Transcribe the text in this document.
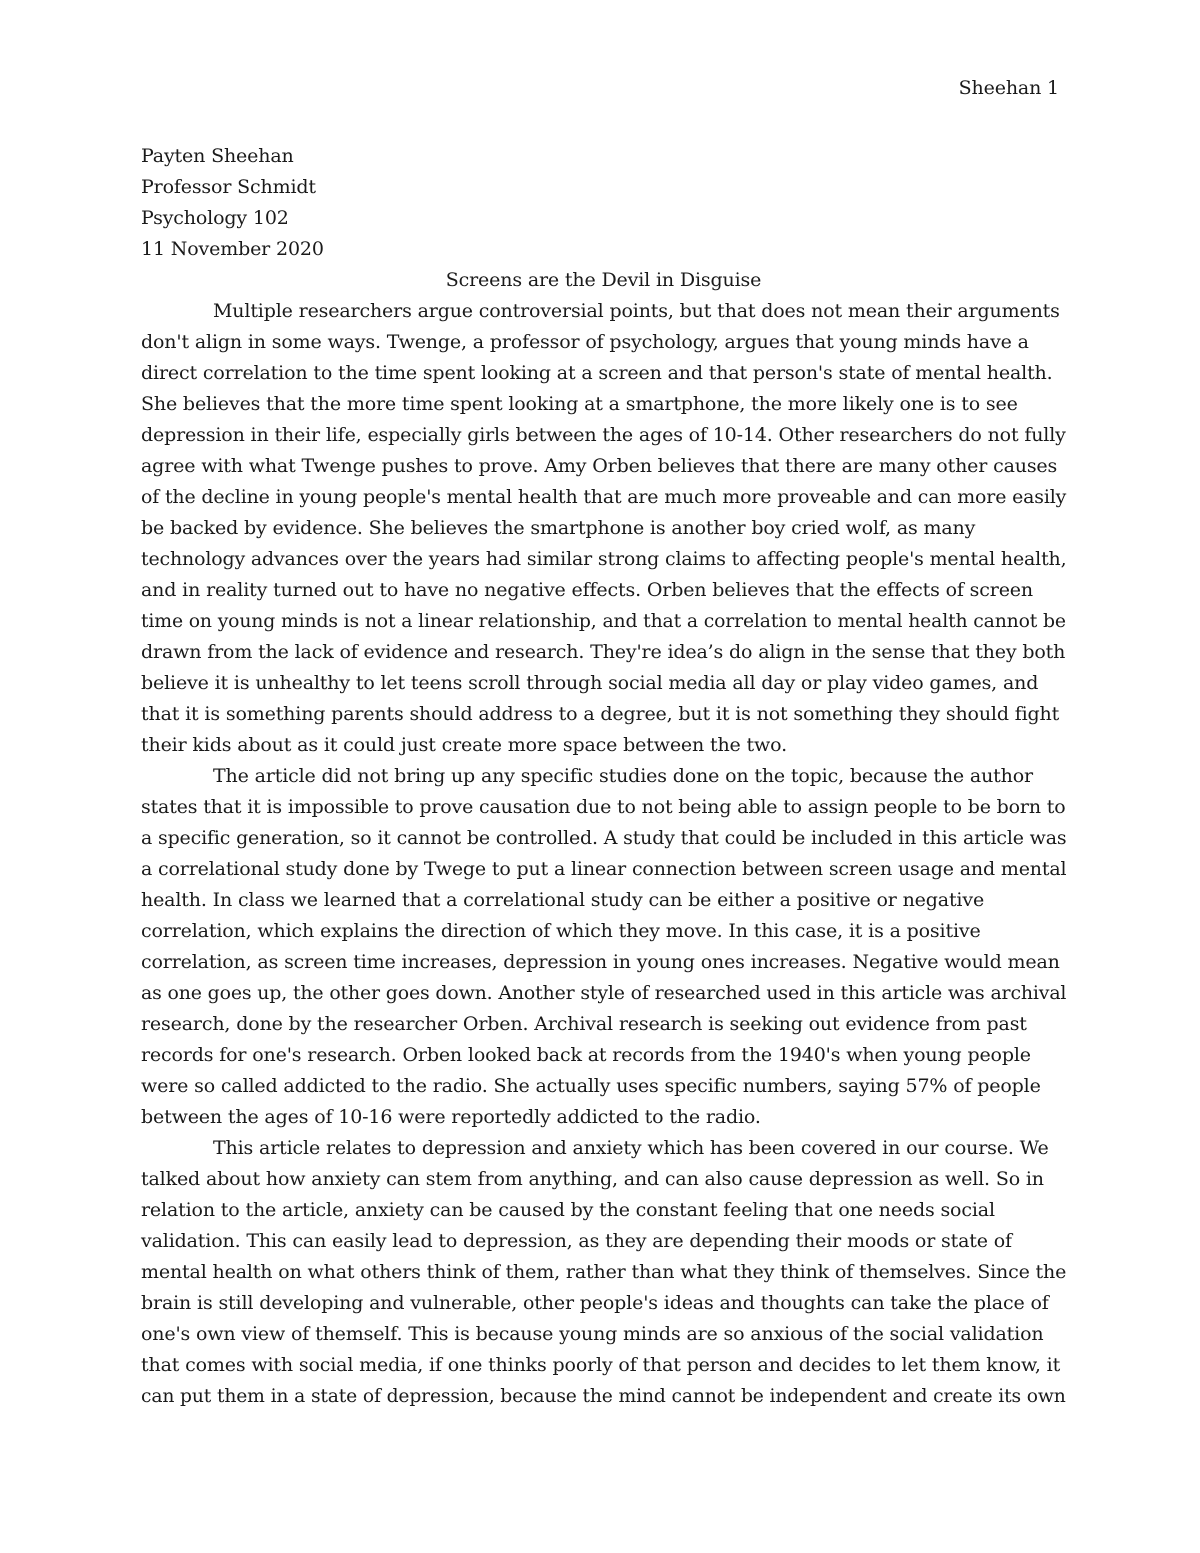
Sheehan 1
Payten Sheehan
Professor Schmidt
Psychology 102
11 November 2020
Screens are the Devil in Disguise
Multiple researchers argue controversial points, but that does not mean their arguments
don't align in some ways. Twenge, a professor of psychology, argues that young minds have a
direct correlation to the time spent looking at a screen and that person's state of mental health.
She believes that the more time spent looking at a smartphone, the more likely one is to see
depression in their life, especially girls between the ages of 10-14. Other researchers do not fully
agree with what Twenge pushes to prove. Amy Orben believes that there are many other causes
of the decline in young people's mental health that are much more proveable and can more easily
be backed by evidence. She believes the smartphone is another boy cried wolf, as many
technology advances over the years had similar strong claims to affecting people's mental health,
and in reality turned out to have no negative effects. Orben believes that the effects of screen
time on young minds is not a linear relationship, and that a correlation to mental health cannot be
drawn from the lack of evidence and research. They're idea’s do align in the sense that they both
believe it is unhealthy to let teens scroll through social media all day or play video games, and
that it is something parents should address to a degree, but it is not something they should fight
their kids about as it could just create more space between the two.
The article did not bring up any specific studies done on the topic, because the author
states that it is impossible to prove causation due to not being able to assign people to be born to
a specific generation, so it cannot be controlled. A study that could be included in this article was
a correlational study done by Twege to put a linear connection between screen usage and mental
health. In class we learned that a correlational study can be either a positive or negative
correlation, which explains the direction of which they move. In this case, it is a positive
correlation, as screen time increases, depression in young ones increases. Negative would mean
as one goes up, the other goes down. Another style of researched used in this article was archival
research, done by the researcher Orben. Archival research is seeking out evidence from past
records for one's research. Orben looked back at records from the 1940's when young people
were so called addicted to the radio. She actually uses specific numbers, saying 57% of people
between the ages of 10-16 were reportedly addicted to the radio.
This article relates to depression and anxiety which has been covered in our course. We
talked about how anxiety can stem from anything, and can also cause depression as well. So in
relation to the article, anxiety can be caused by the constant feeling that one needs social
validation. This can easily lead to depression, as they are depending their moods or state of
mental health on what others think of them, rather than what they think of themselves. Since the
brain is still developing and vulnerable, other people's ideas and thoughts can take the place of
one's own view of themself. This is because young minds are so anxious of the social validation
that comes with social media, if one thinks poorly of that person and decides to let them know, it
can put them in a state of depression, because the mind cannot be independent and create its own
